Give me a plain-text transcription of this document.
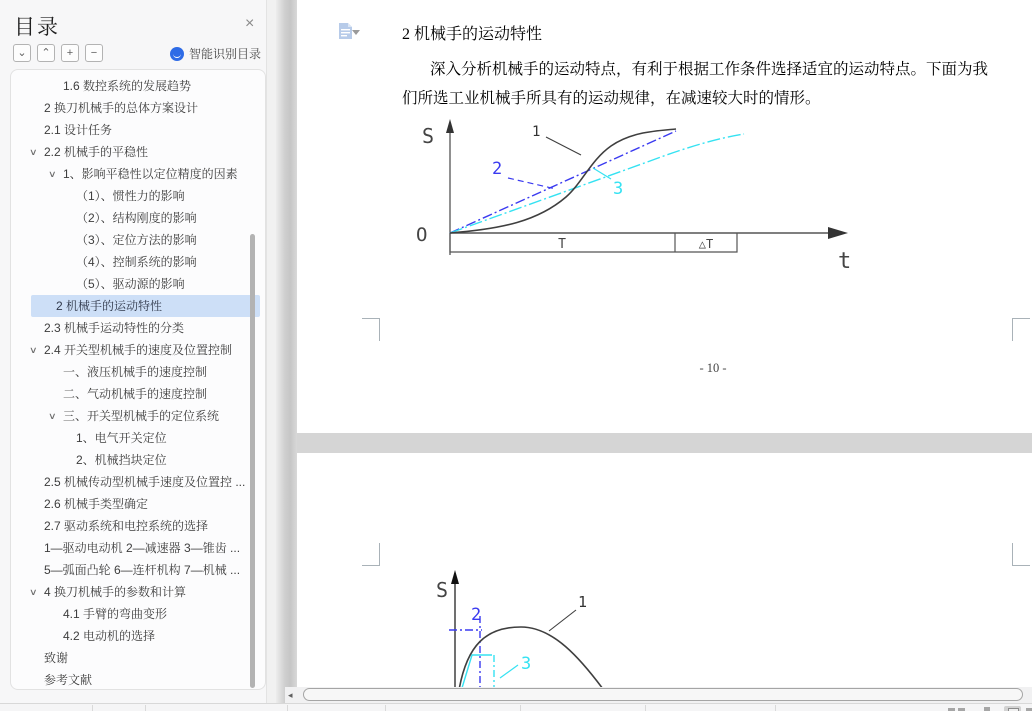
目录	×
⌄	⌃	+	−	智能识别目录
1.6 数控系统的发展趋势
2 换刀机械手的总体方案设计
2.1 设计任务
∨ 2.2 机械手的平稳性
∨ 1、影响平稳性以定位精度的因素
（1）、惯性力的影响
（2）、结构刚度的影响
（3）、定位方法的影响
（4）、控制系统的影响
（5）、驱动源的影响
2 机械手的运动特性
2.3 机械手运动特性的分类
∨ 2.4 开关型机械手的速度及位置控制
一、液压机械手的速度控制
二、气动机械手的速度控制
∨ 三、开关型机械手的定位系统
1、电气开关定位
2、机械挡块定位
2.5 机械传动型机械手速度及位置控 ...
2.6 机械手类型确定
2.7 驱动系统和电控系统的选择
1—驱动电动机 2—减速器 3—锥齿 ...
5—弧面凸轮 6—连杆机构 7—机械 ...
∨ 4 换刀机械手的参数和计算
4.1 手臂的弯曲变形
4.2 电动机的选择
致谢
参考文献
2 机械手的运动特性
深入分析机械手的运动特点，有利于根据工作条件选择适宜的运动特点。下面为我
们所选工业机械手所具有的运动规律，在减速较大时的情形。
S
O
t
T	△T
1
2
3
- 10 -
S
2
3
1
◂
